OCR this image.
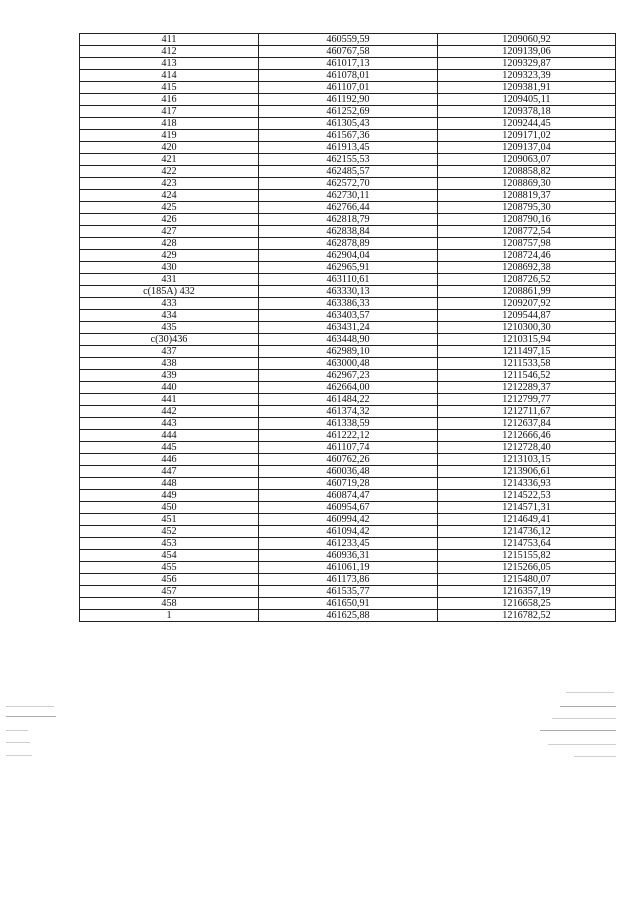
411	460559,59	1209060,92
412	460767,58	1209139,06
413	461017,13	1209329,87
414	461078,01	1209323,39
415	461107,01	1209381,91
416	461192,90	1209405,11
417	461252,69	1209378,18
418	461305,43	1209244,45
419	461567,36	1209171,02
420	461913,45	1209137,04
421	462155,53	1209063,07
422	462485,57	1208858,82
423	462572,70	1208869,30
424	462730,11	1208819,37
425	462766,44	1208795,30
426	462818,79	1208790,16
427	462838,84	1208772,54
428	462878,89	1208757,98
429	462904,04	1208724,46
430	462965,91	1208692,38
431	463110,61	1208726,52
c(185A) 432	463330,13	1208861,99
433	463386,33	1209207,92
434	463403,57	1209544,87
435	463431,24	1210300,30
c(30)436	463448,90	1210315,94
437	462989,10	1211497,15
438	463000,48	1211533,58
439	462967,23	1211546,52
440	462664,00	1212289,37
441	461484,22	1212799,77
442	461374,32	1212711,67
443	461338,59	1212637,84
444	461222,12	1212666,46
445	461107,74	1212728,40
446	460762,26	1213103,15
447	460036,48	1213906,61
448	460719,28	1214336,93
449	460874,47	1214522,53
450	460954,67	1214571,31
451	460994,42	1214649,41
452	461094,42	1214736,12
453	461233,45	1214753,64
454	460936,31	1215155,82
455	461061,19	1215266,05
456	461173,86	1215480,07
457	461535,77	1216357,19
458	461650,91	1216658,25
1	461625,88	1216782,52
